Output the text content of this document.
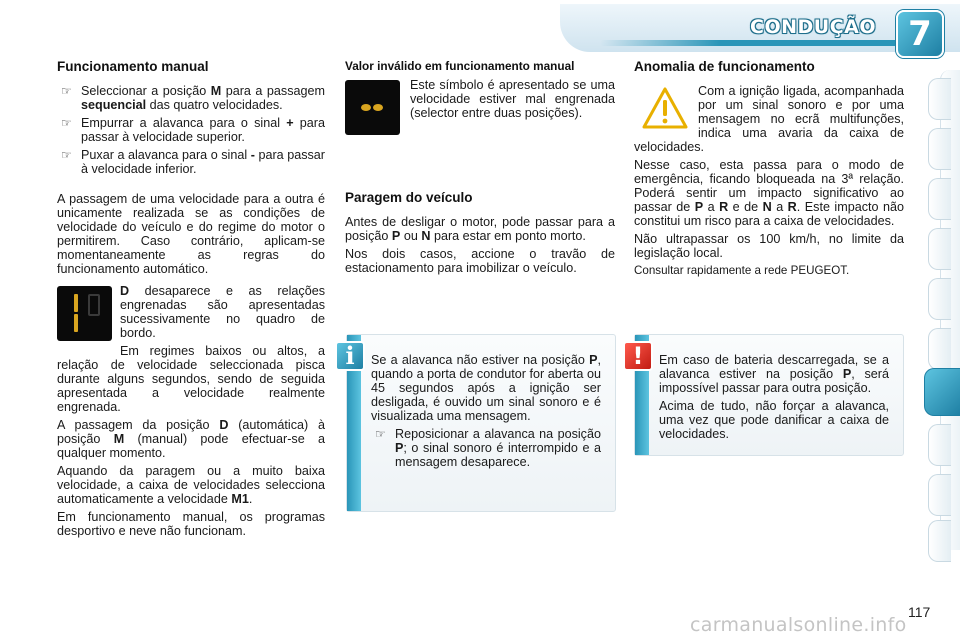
CONDUÇÃO 7
Funcionamento manual
☞ Seleccionar a posição M para a passagem sequencial das quatro velocidades.
☞ Empurrar a alavanca para o sinal + para passar à velocidade superior.
☞ Puxar a alavanca para o sinal - para passar à velocidade inferior.

A passagem de uma velocidade para a outra é unicamente realizada se as condições de velocidade do veículo e do regime do motor o permitirem. Caso contrário, aplicam-se momentaneamente as regras do funcionamento automático.

D desaparece e as relações engrenadas são apresentadas sucessivamente no quadro de bordo.

Em regimes baixos ou altos, a relação de velocidade seleccionada pisca durante alguns segundos, sendo de seguida apresentada a velocidade realmente engrenada.

A passagem da posição D (automática) à posição M (manual) pode efectuar-se a qualquer momento.

Aquando da paragem ou a muito baixa velocidade, a caixa de velocidades selecciona automaticamente a velocidade M1.

Em funcionamento manual, os programas desportivo e neve não funcionam.

Valor inválido em funcionamento manual

Este símbolo é apresentado se uma velocidade estiver mal engrenada (selector entre duas posições).

Paragem do veículo

Antes de desligar o motor, pode passar para a posição P ou N para estar em ponto morto.

Nos dois casos, accione o travão de estacionamento para imobilizar o veículo.

i	Se a alavanca não estiver na posição P, quando a porta de condutor for aberta ou 45 segundos após a ignição ser desligada, é ouvido um sinal sonoro e é visualizada uma mensagem.

☞ Reposicionar a alavanca na posição P; o sinal sonoro é interrompido e a mensagem desaparece.
Anomalia de funcionamento

Com a ignição ligada, acompanhada por um sinal sonoro e por uma mensagem no ecrã multifunções, indica uma avaria da caixa de velocidades.

Nesse caso, esta passa para o modo de emergência, ficando bloqueada na 3ª relação. Poderá sentir um impacto significativo ao passar de P a R e de N a R. Este impacto não constitui um risco para a caixa de velocidades.

Não ultrapassar os 100 km/h, no limite da legislação local.

Consultar rapidamente a rede PEUGEOT.

!	Em caso de bateria descarregada, se a alavanca estiver na posição P, será impossível passar para outra posição.

Acima de tudo, não forçar a alavanca, uma vez que pode danificar a caixa de velocidades.

117
carmanualsonline.info
